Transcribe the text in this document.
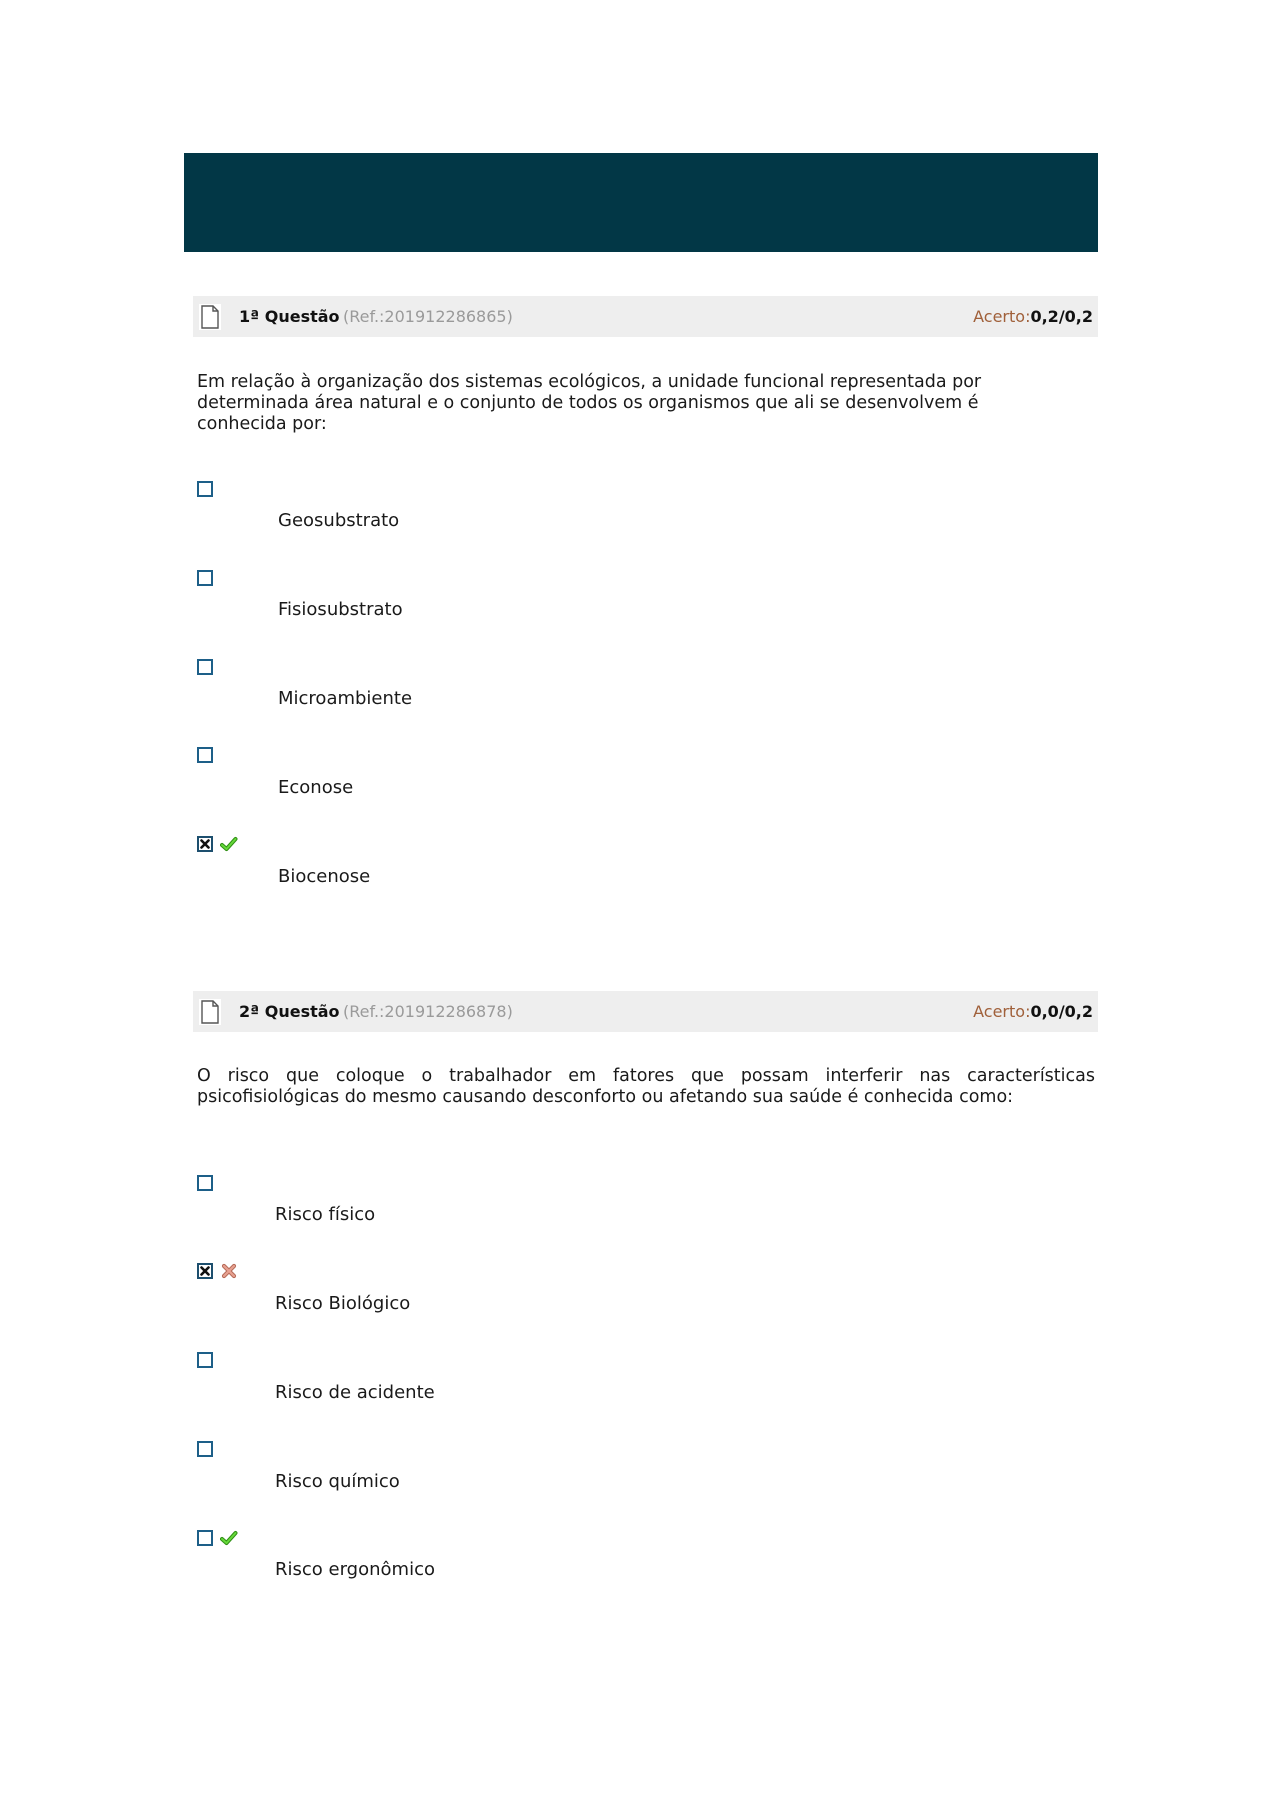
1ª Questão (Ref.:201912286865)	Acerto:0,2/0,2
Em relação à organização dos sistemas ecológicos, a unidade funcional representada por determinada área natural e o conjunto de todos os organismos que ali se desenvolvem é conhecida por:
Geosubstrato
Fisiosubstrato
Microambiente
Econose
Biocenose
2ª Questão (Ref.:201912286878)	Acerto:0,0/0,2
O risco que coloque o trabalhador em fatores que possam interferir nas características psicofisiológicas do mesmo causando desconforto ou afetando sua saúde é conhecida como:
Risco físico
Risco Biológico
Risco de acidente
Risco químico
Risco ergonômico
